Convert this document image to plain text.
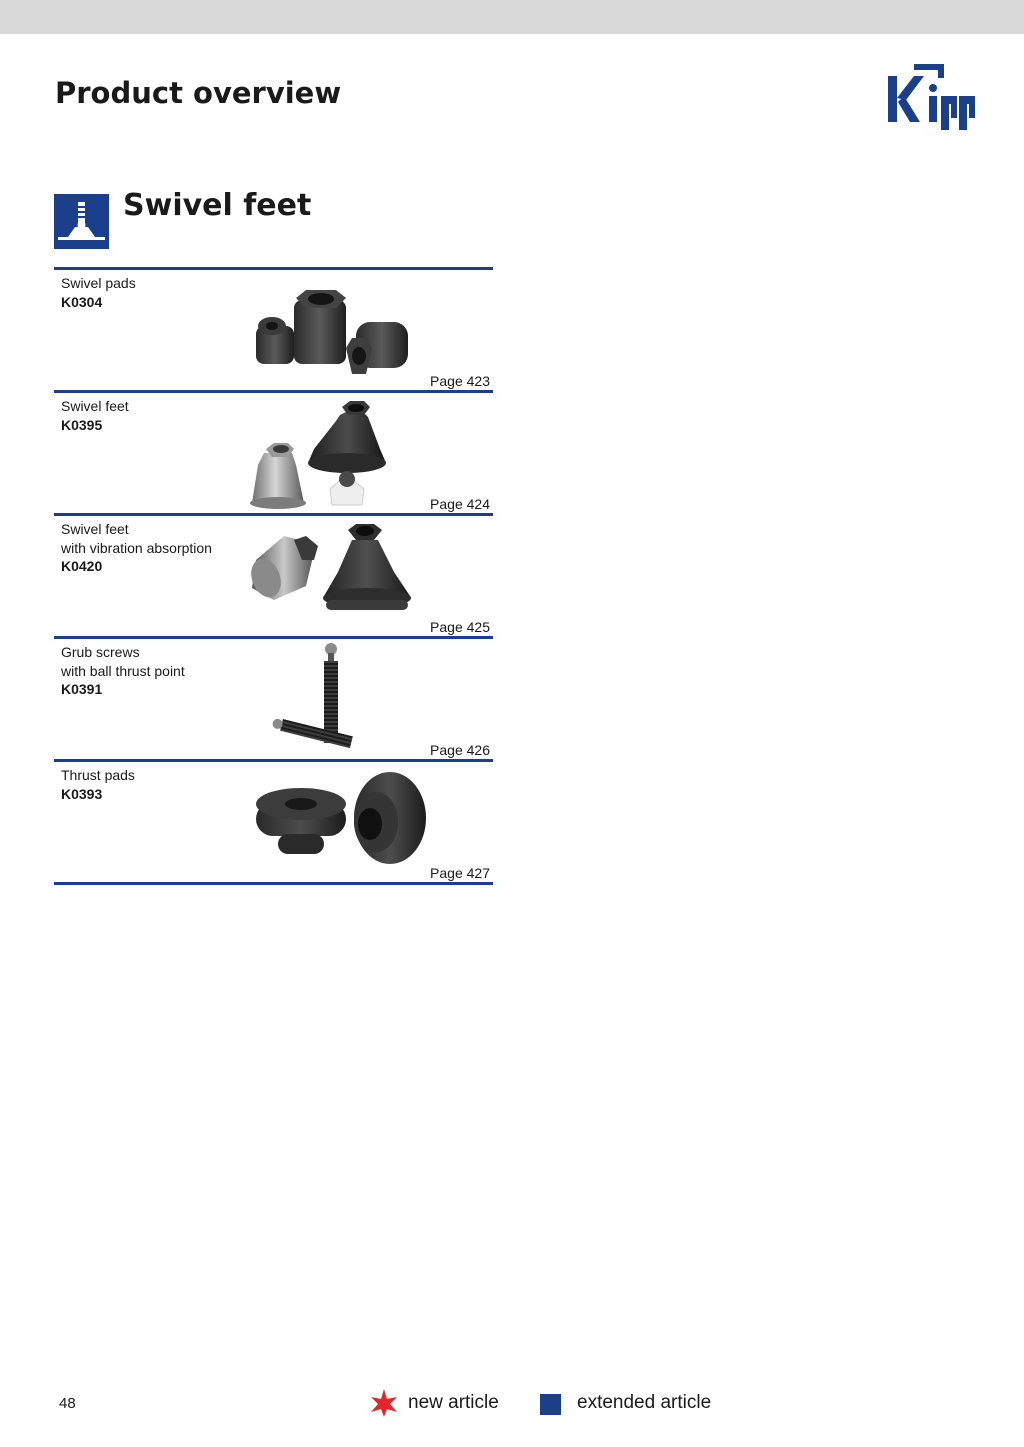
Product overview
Swivel feet
Swivel pads
K0304
Page 423
Swivel feet
K0395
Page 424
Swivel feet
with vibration absorption
K0420
Page 425
Grub screws
with ball thrust point
K0391
Page 426
Thrust pads
K0393
Page 427
48	new article	extended article
